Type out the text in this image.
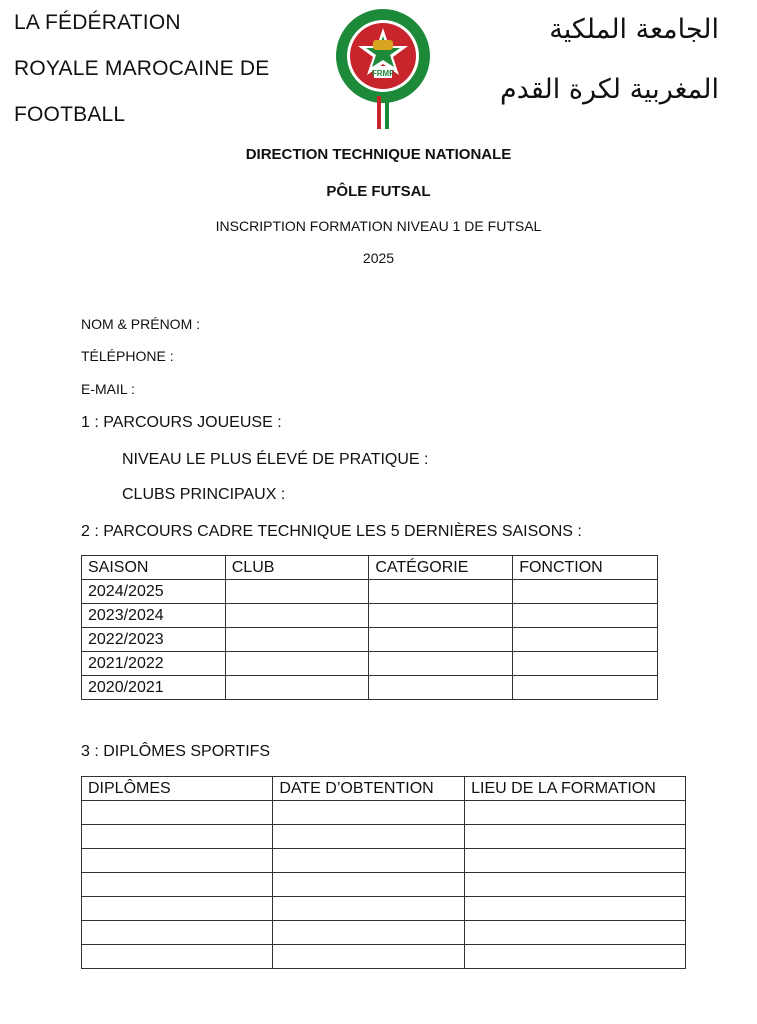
LA FÉDÉRATION
ROYALE MAROCAINE DE
FOOTBALL
FRMF
الجامعة الملكية
المغربية لكرة القدم
DIRECTION TECHNIQUE NATIONALE
PÔLE FUTSAL
INSCRIPTION FORMATION NIVEAU 1 DE FUTSAL
2025
NOM & PRÉNOM :
TÉLÉPHONE :
E-MAIL :
1 : PARCOURS JOUEUSE :
NIVEAU LE PLUS ÉLEVÉ DE PRATIQUE :
CLUBS PRINCIPAUX :
2 : PARCOURS CADRE TECHNIQUE LES 5 DERNIÈRES SAISONS :
SAISON	CLUB	CATÉGORIE	FONCTION
2024/2025			
2023/2024			
2022/2023			
2021/2022			
2020/2021			
3 : DIPLÔMES SPORTIFS
DIPLÔMES	DATE D’OBTENTION	LIEU DE LA FORMATION
